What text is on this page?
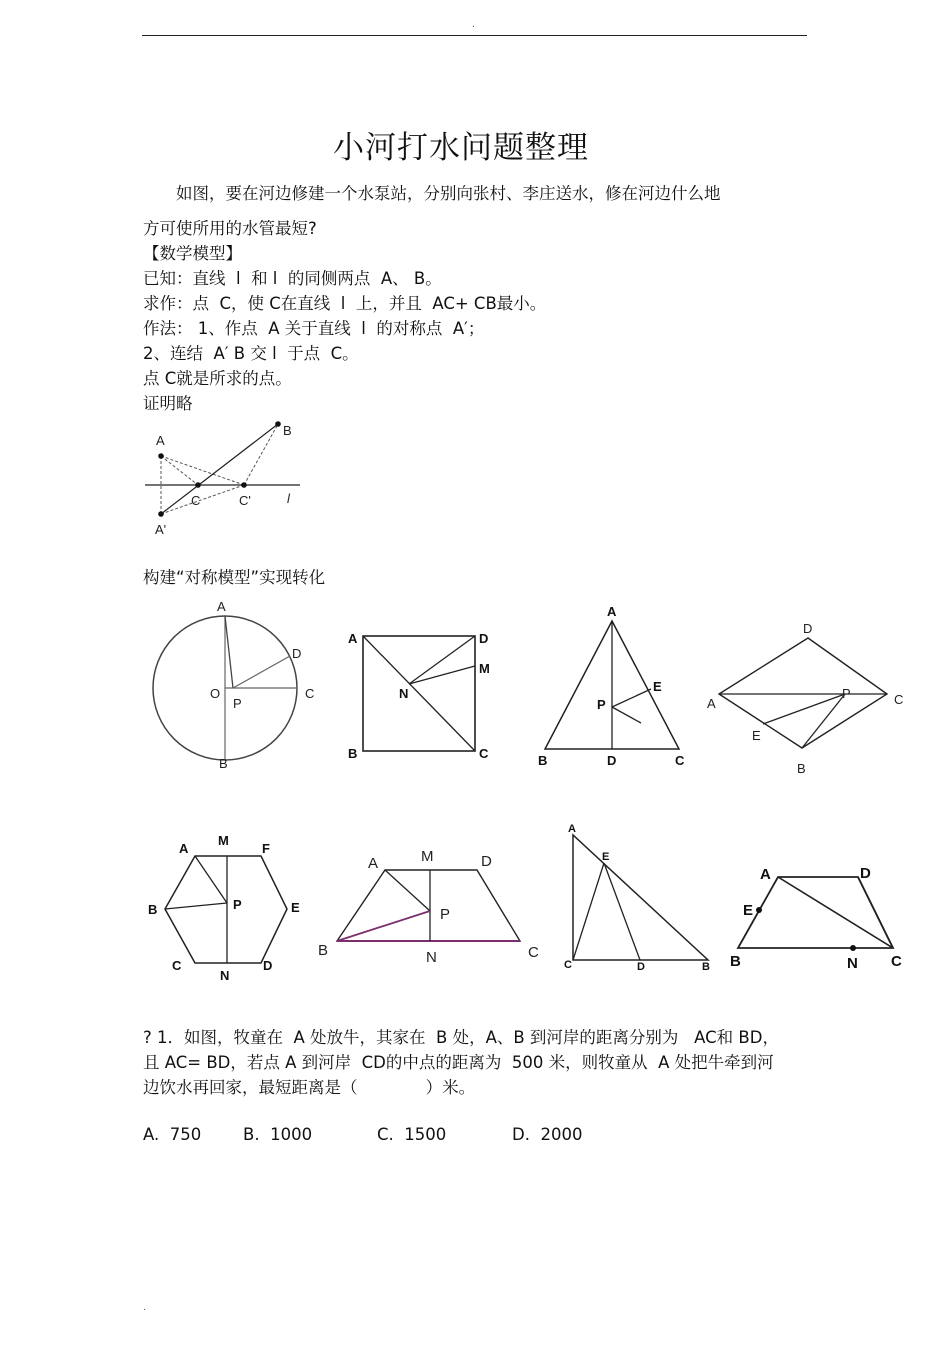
.
.
小河打水问题整理
如图，要在河边修建一个水泵站，分别向张村、李庄送水，修在河边什么地
方可使所用的水管最短?
【数学模型】
已知：直线  l  和 l  的同侧两点  A、 B。
求作：点  C，使 C在直线  l  上，并且  AC+ CB最小。
作法： 1、作点  A 关于直线  l  的对称点  A′；
2、连结  A′ B 交 l  于点  C。
点 C就是所求的点。
证明略
A
B
C	C'
A'
l
构建“对称模型”实现转化
A
D
O
P
C
B
A	D
M
N
B	C
A
E
P
B	D	C
D
A
P	C
E
B
A
M
F
B	P	E
C
N
D
A	M	D
P
B	N	C
A
E
C	D	B
A	D
E
B	N C
? 1．如图，牧童在  A 处放牛，其家在  B 处，A、B 到河岸的距离分别为   AC和 BD，
且 AC= BD，若点 A 到河岸  CD的中点的距离为  500 米，则牧童从  A 处把牛牵到河
边饮水再回家，最短距离是（             ）米。
A. 750	B. 1000	C. 1500	D. 2000
